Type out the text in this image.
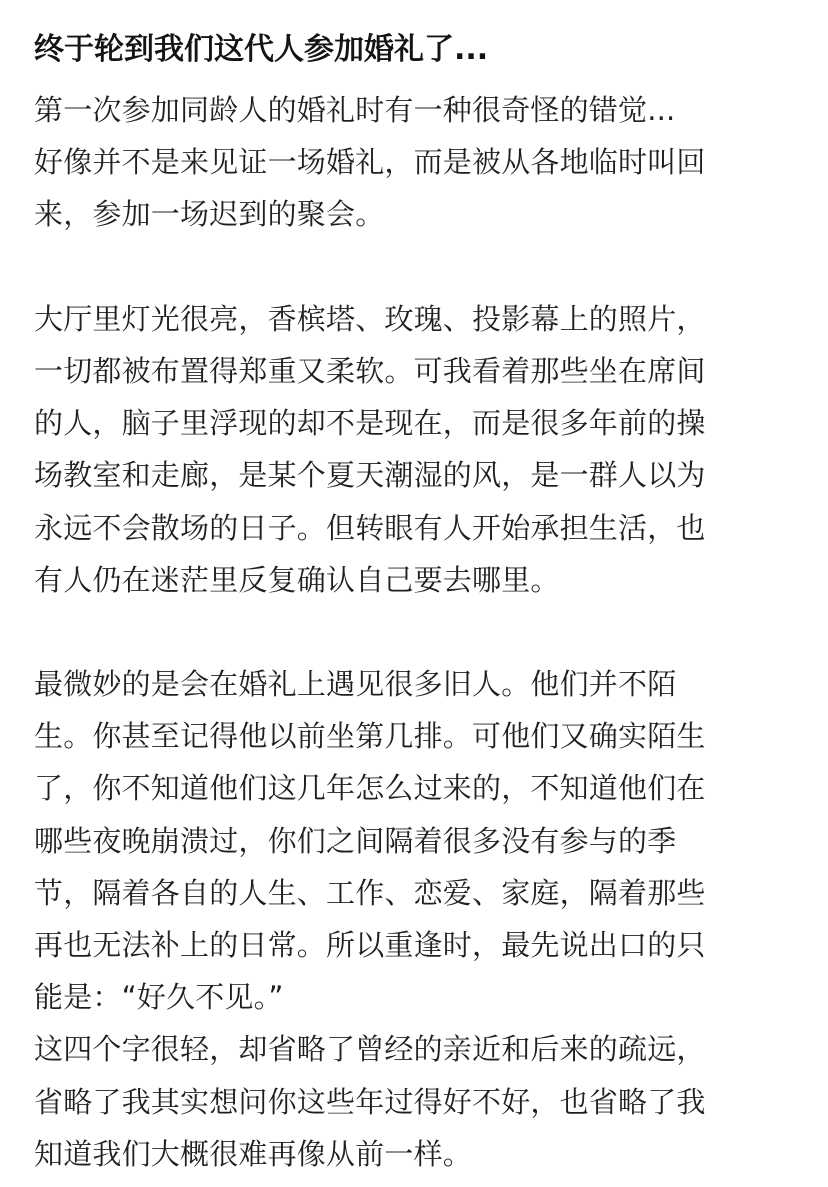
终于轮到我们这代人参加婚礼了...
第一次参加同龄人的婚礼时有一种很奇怪的错觉...
好像并不是来见证一场婚礼，而是被从各地临时叫回
来，参加一场迟到的聚会。
大厅里灯光很亮，香槟塔、玫瑰、投影幕上的照片，
一切都被布置得郑重又柔软。可我看着那些坐在席间
的人，脑子里浮现的却不是现在，而是很多年前的操
场教室和走廊，是某个夏天潮湿的风，是一群人以为
永远不会散场的日子。但转眼有人开始承担生活，也
有人仍在迷茫里反复确认自己要去哪里。
最微妙的是会在婚礼上遇见很多旧人。他们并不陌
生。你甚至记得他以前坐第几排。可他们又确实陌生
了，你不知道他们这几年怎么过来的，不知道他们在
哪些夜晚崩溃过，你们之间隔着很多没有参与的季
节，隔着各自的人生、工作、恋爱、家庭，隔着那些
再也无法补上的日常。所以重逢时，最先说出口的只
能是：“好久不见。”
这四个字很轻，却省略了曾经的亲近和后来的疏远，
省略了我其实想问你这些年过得好不好，也省略了我
知道我们大概很难再像从前一样。
